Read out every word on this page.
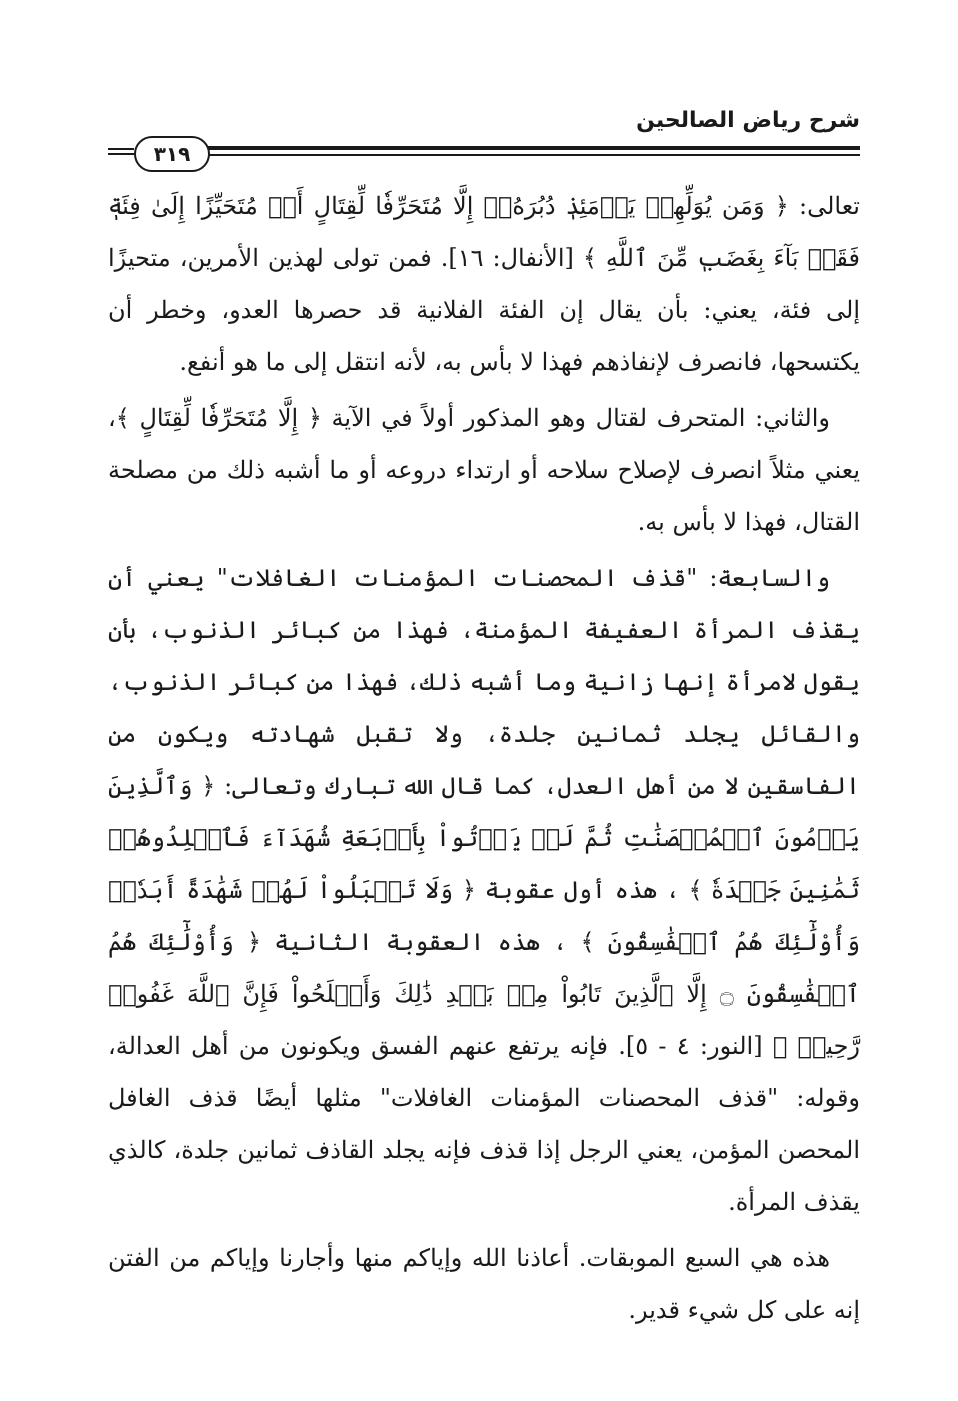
شرح رياض الصالحين
٣١٩

تعالى: ﴿ وَمَن يُوَلِّهِمۡ يَوۡمَئِذٖ دُبُرَهُۥٓ إِلَّا مُتَحَرِّفٗا لِّقِتَالٍ أَوۡ مُتَحَيِّزًا إِلَىٰ فِئَةٖ فَقَدۡ بَآءَ بِغَضَبٖ مِّنَ ٱللَّهِ ﴾ [الأنفال: ١٦]. فمن تولى لهذين الأمرين، متحيزًا إلى فئة، يعني: بأن يقال إن الفئة الفلانية قد حصرها العدو، وخطر أن يكتسحها، فانصرف لإنفاذهم فهذا لا بأس به، لأنه انتقل إلى ما هو أنفع.

والثاني: المتحرف لقتال وهو المذكور أولاً في الآية ﴿ إِلَّا مُتَحَرِّفٗا لِّقِتَالٍ ﴾، يعني مثلاً انصرف لإصلاح سلاحه أو ارتداء دروعه أو ما أشبه ذلك من مصلحة القتال، فهذا لا بأس به.

والسابعة: "قذف المحصنات المؤمنات الغافلات" يعني أن يقذف المرأة العفيفة المؤمنة، فهذا من كبائر الذنوب، بأن يقول لامرأة إنها زانية وما أشبه ذلك، فهذا من كبائر الذنوب، والقائل يجلد ثمانين جلدة، ولا تقبل شهادته ويكون من الفاسقين لا من أهل العدل، كما قال الله تبارك وتعالى: ﴿ وَٱلَّذِينَ يَرۡمُونَ ٱلۡمُحۡصَنَٰتِ ثُمَّ لَمۡ يَأۡتُواْ بِأَرۡبَعَةِ شُهَدَآءَ فَٱجۡلِدُوهُمۡ ثَمَٰنِينَ جَلۡدَةٗ ﴾ ، هذه أول عقوبة ﴿ وَلَا تَقۡبَلُواْ لَهُمۡ شَهَٰدَةً أَبَدٗاۚ وَأُوْلَٰٓئِكَ هُمُ ٱلۡفَٰسِقُونَ ﴾ ، هذه العقوبة الثانية ﴿ وَأُوْلَٰٓئِكَ هُمُ ٱلۡفَٰسِقُونَ ۝ إِلَّا ٱلَّذِينَ تَابُواْ مِنۢ بَعۡدِ ذَٰلِكَ وَأَصۡلَحُواْ فَإِنَّ ٱللَّهَ غَفُورٞ رَّحِيمٞ ﴾ [النور: ٤ - ٥]. فإنه يرتفع عنهم الفسق ويكونون من أهل العدالة، وقوله: "قذف المحصنات المؤمنات الغافلات" مثلها أيضًا قذف الغافل المحصن المؤمن، يعني الرجل إذا قذف فإنه يجلد القاذف ثمانين جلدة، كالذي يقذف المرأة.

هذه هي السبع الموبقات. أعاذنا الله وإياكم منها وأجارنا وإياكم من الفتن إنه على كل شيء قدير.
